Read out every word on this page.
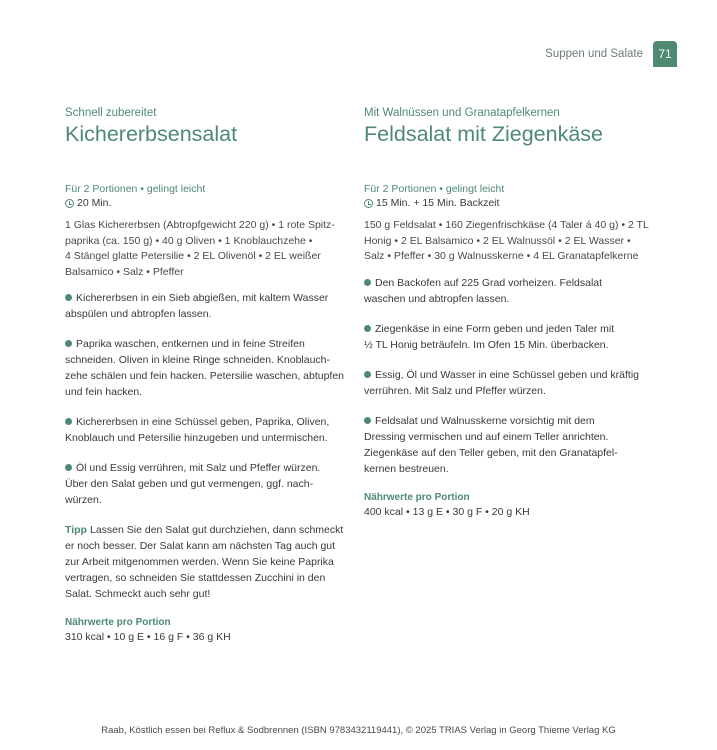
Suppen und Salate	71

Schnell zubereitet

Kichererbsensalat
Für 2 Portionen • gelingt leicht
20 Min.
1 Glas Kichererbsen (Abtropfgewicht 220 g) • 1 rote Spitz-
paprika (ca. 150 g) • 40 g Oliven • 1 Knoblauchzehe •
4 Stängel glatte Petersilie • 2 EL Olivenöl • 2 EL weißer
Balsamico • Salz • Pfeffer
Kichererbsen in ein Sieb abgießen, mit kaltem Wasser
abspülen und abtropfen lassen.
Paprika waschen, entkernen und in feine Streifen
schneiden. Oliven in kleine Ringe schneiden. Knoblauch-
zehe schälen und fein hacken. Petersilie waschen, abtupfen
und fein hacken.
Kichererbsen in eine Schüssel geben, Paprika, Oliven,
Knoblauch und Petersilie hinzugeben und untermischen.
Öl und Essig verrühren, mit Salz und Pfeffer würzen.
Über den Salat geben und gut vermengen, ggf. nach-
würzen.
Tipp Lassen Sie den Salat gut durchziehen, dann schmeckt
er noch besser. Der Salat kann am nächsten Tag auch gut
zur Arbeit mitgenommen werden. Wenn Sie keine Paprika
vertragen, so schneiden Sie stattdessen Zucchini in den
Salat. Schmeckt auch sehr gut!
Nährwerte pro Portion
310 kcal • 10 g E • 16 g F • 36 g KH

Mit Walnüssen und Granatapfelkernen

Feldsalat mit Ziegenkäse
Für 2 Portionen • gelingt leicht
15 Min. + 15 Min. Backzeit
150 g Feldsalat • 160 Ziegenfrischkäse (4 Taler á 40 g) • 2 TL
Honig • 2 EL Balsamico • 2 EL Walnussöl • 2 EL Wasser •
Salz • Pfeffer • 30 g Walnusskerne • 4 EL Granatapfelkerne
Den Backofen auf 225 Grad vorheizen. Feldsalat
waschen und abtropfen lassen.
Ziegenkäse in eine Form geben und jeden Taler mit
½ TL Honig beträufeln. Im Ofen 15 Min. überbacken.
Essig, Öl und Wasser in eine Schüssel geben und kräftig
verrühren. Mit Salz und Pfeffer würzen.
Feldsalat und Walnusskerne vorsichtig mit dem
Dressing vermischen und auf einem Teller anrichten.
Ziegenkäse auf den Teller geben, mit den Granatapfel-
kernen bestreuen.
Nährwerte pro Portion
400 kcal • 13 g E • 30 g F • 20 g KH
Raab, Köstlich essen bei Reflux & Sodbrennen (ISBN 9783432119441), © 2025 TRIAS Verlag in Georg Thieme Verlag KG
